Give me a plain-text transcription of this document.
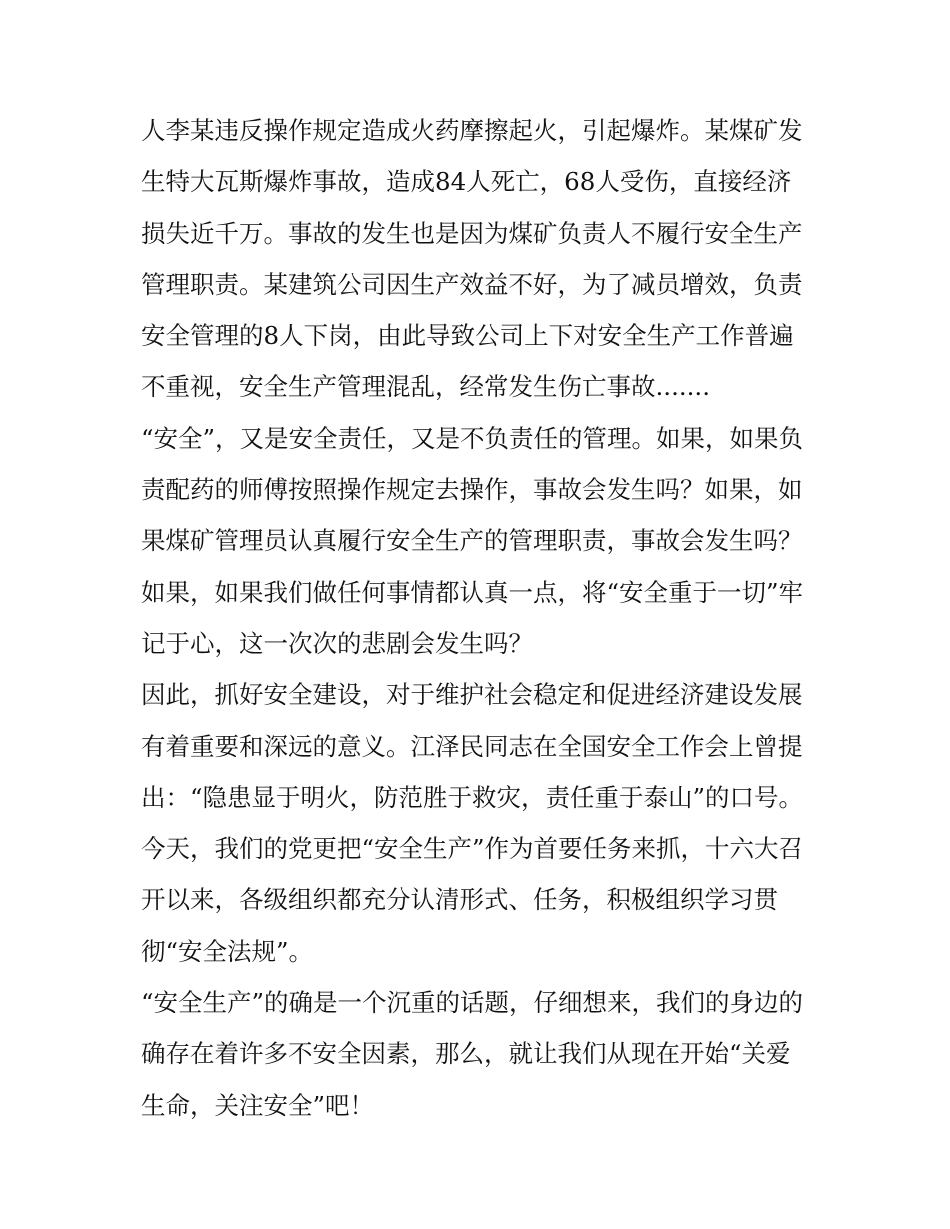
人李某违反操作规定造成火药摩擦起火，引起爆炸。某煤矿发

生特大瓦斯爆炸事故，造成84人死亡，68人受伤，直接经济

损失近千万。事故的发生也是因为煤矿负责人不履行安全生产

管理职责。某建筑公司因生产效益不好，为了减员增效，负责

安全管理的8人下岗，由此导致公司上下对安全生产工作普遍

不重视，安全生产管理混乱，经常发生伤亡事故.......

“安全”，又是安全责任，又是不负责任的管理。如果，如果负

责配药的师傅按照操作规定去操作，事故会发生吗？如果，如

果煤矿管理员认真履行安全生产的管理职责，事故会发生吗？

如果，如果我们做任何事情都认真一点，将“安全重于一切”牢

记于心，这一次次的悲剧会发生吗？

因此，抓好安全建设，对于维护社会稳定和促进经济建设发展

有着重要和深远的意义。江泽民同志在全国安全工作会上曾提

出：“隐患显于明火，防范胜于救灾，责任重于泰山”的口号。

今天，我们的党更把“安全生产”作为首要任务来抓，十六大召

开以来，各级组织都充分认清形式、任务，积极组织学习贯

彻“安全法规”。

“安全生产”的确是一个沉重的话题，仔细想来，我们的身边的

确存在着许多不安全因素，那么，就让我们从现在开始“关爱

生命，关注安全”吧！
